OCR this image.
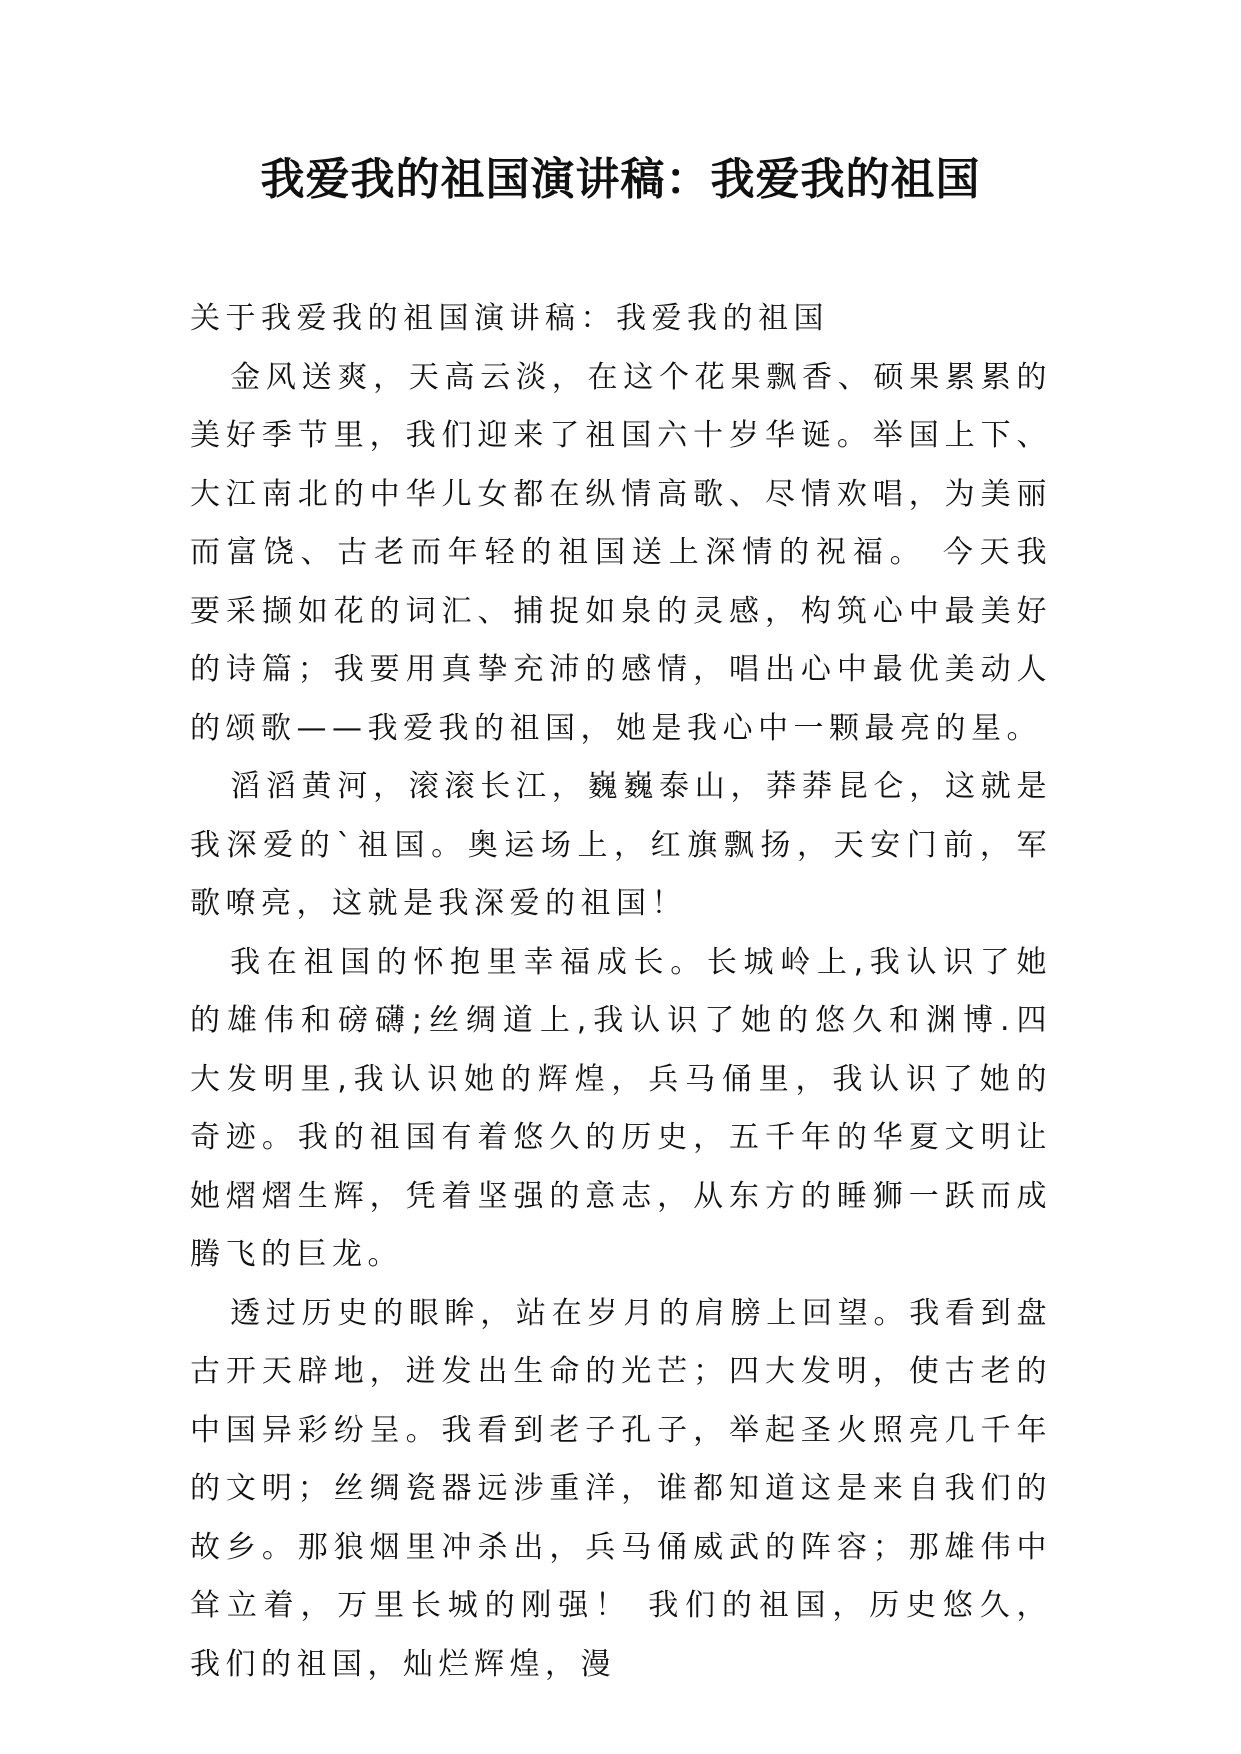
我爱我的祖国演讲稿：我爱我的祖国

关于我爱我的祖国演讲稿：我爱我的祖国

金风送爽，天高云淡，在这个花果飘香、硕果累累的美好季节里，我们迎来了祖国六十岁华诞。举国上下、大江南北的中华儿女都在纵情高歌、尽情欢唱，为美丽而富饶、古老而年轻的祖国送上深情的祝福。 今天我要采撷如花的词汇、捕捉如泉的灵感，构筑心中最美好的诗篇；我要用真挚充沛的感情，唱出心中最优美动人的颂歌——我爱我的祖国，她是我心中一颗最亮的星。

滔滔黄河，滚滚长江，巍巍泰山，莽莽昆仑，这就是我深爱的`祖国。奥运场上，红旗飘扬，天安门前，军歌嘹亮，这就是我深爱的祖国！

我在祖国的怀抱里幸福成长。长城岭上,我认识了她的雄伟和磅礴;丝绸道上,我认识了她的悠久和渊博.四大发明里,我认识她的辉煌，兵马俑里，我认识了她的奇迹。我的祖国有着悠久的历史，五千年的华夏文明让她熠熠生辉，凭着坚强的意志，从东方的睡狮一跃而成腾飞的巨龙。

透过历史的眼眸，站在岁月的肩膀上回望。我看到盘古开天辟地，迸发出生命的光芒；四大发明，使古老的中国异彩纷呈。我看到老子孔子，举起圣火照亮几千年的文明；丝绸瓷器远涉重洋，谁都知道这是来自我们的故乡。那狼烟里冲杀出，兵马俑威武的阵容；那雄伟中耸立着，万里长城的刚强！ 我们的祖国，历史悠久，我们的祖国，灿烂辉煌，漫
